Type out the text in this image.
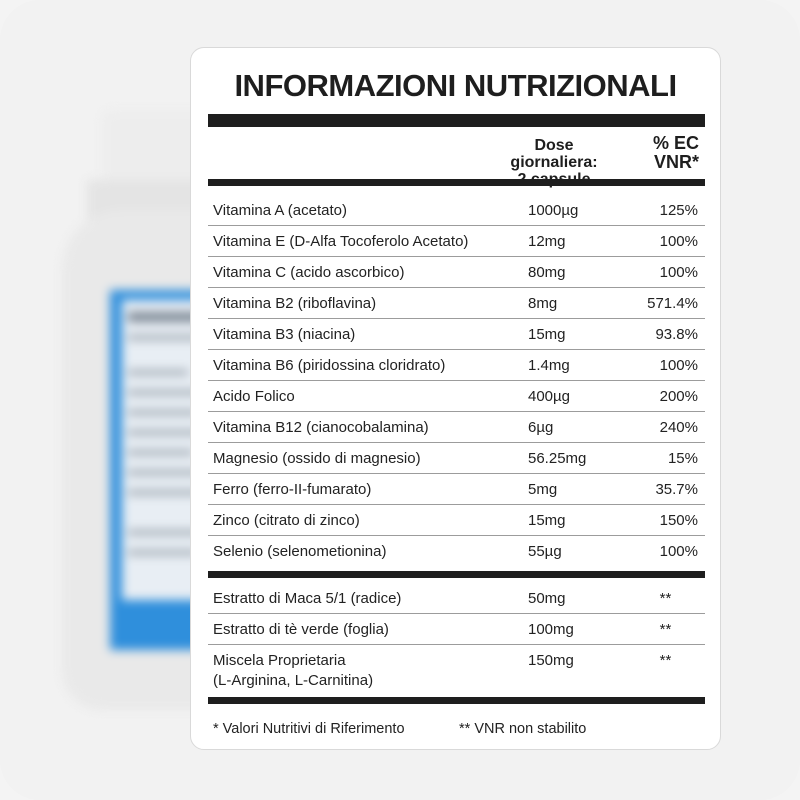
INFORMAZIONI NUTRIZIONALI
Dose giornaliera:
% EC
VNR*
* Valori Nutritivi di Riferimento	** VNR non stabilito
Vitamina A (acetato)	1000µg	125%
Vitamina E (D-Alfa Tocoferolo Acetato)	12mg	100%
Vitamina C (acido ascorbico)	80mg	100%
Vitamina B2 (riboflavina)	8mg	571.4%
Vitamina B3 (niacina)	15mg	93.8%
Vitamina B6 (piridossina cloridrato)	1.4mg	100%
Acido Folico	400µg	200%
Vitamina B12 (cianocobalamina)	6µg	240%
Magnesio (ossido di magnesio)	56.25mg	15%
Ferro (ferro-II-fumarato)	5mg	35.7%
Zinco (citrato di zinco)	15mg	150%
Selenio (selenometionina)	55µg	100%
Estratto di Maca 5/1 (radice)	50mg	**
Estratto di tè verde (foglia)	100mg	**
Miscela Proprietaria
(L-Arginina, L-Carnitina)
150mg	**
